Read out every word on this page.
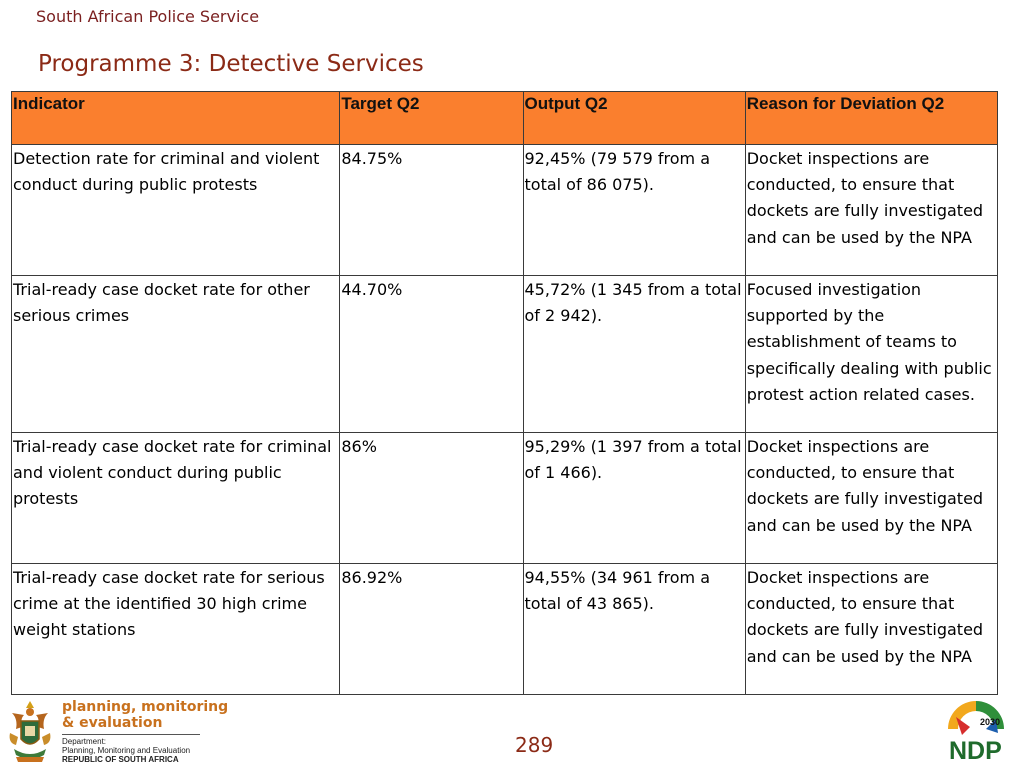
South African Police Service
Programme 3: Detective Services
Indicator	Target Q2	Output Q2	Reason for Deviation Q2
Detection rate for criminal and violent conduct during public protests	84.75%	92,45% (79 579 from a total of 86 075).	Docket inspections are conducted, to ensure that dockets are fully investigated and can be used by the NPA
Trial-ready case docket rate for other serious crimes	44.70%	45,72% (1 345 from a total of 2 942).	Focused investigation supported by the establishment of teams to specifically dealing with public protest action related cases.
Trial-ready case docket rate for criminal and violent conduct during public protests	86%	95,29% (1 397 from a total of 1 466).	Docket inspections are conducted, to ensure that dockets are fully investigated and can be used by the NPA
Trial-ready case docket rate for serious crime at the identified 30 high crime weight stations	86.92%	94,55% (34 961 from a total of 43 865).	Docket inspections are conducted, to ensure that dockets are fully investigated and can be used by the NPA
planning, monitoring
& evaluation
Department:
Planning, Monitoring and Evaluation
REPUBLIC OF SOUTH AFRICA
289
2030
NDP
